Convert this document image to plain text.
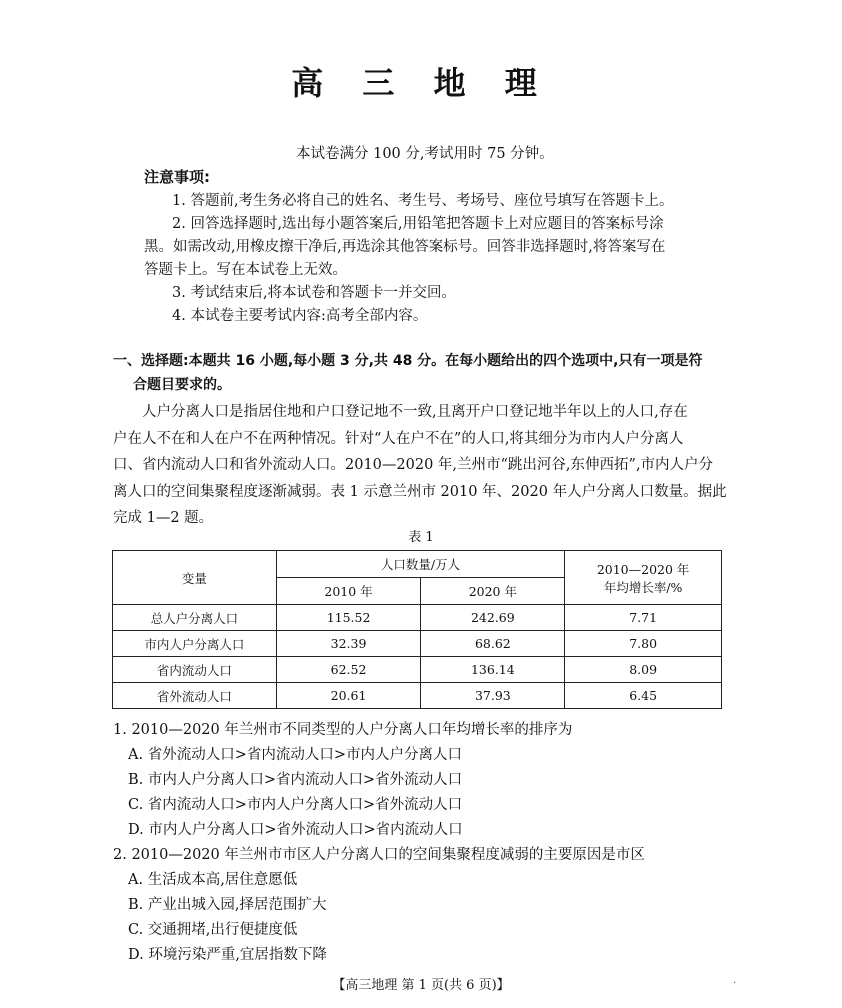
高 三 地 理
本试卷满分 100 分,考试用时 75 分钟。
注意事项:
1. 答题前,考生务必将自己的姓名、考生号、考场号、座位号填写在答题卡上。
2. 回答选择题时,选出每小题答案后,用铅笔把答题卡上对应题目的答案标号涂
黑。如需改动,用橡皮擦干净后,再选涂其他答案标号。回答非选择题时,将答案写在
答题卡上。写在本试卷上无效。
3. 考试结束后,将本试卷和答题卡一并交回。
4. 本试卷主要考试内容:高考全部内容。
一、选择题:本题共 16 小题,每小题 3 分,共 48 分。在每小题给出的四个选项中,只有一项是符
合题目要求的。

人户分离人口是指居住地和户口登记地不一致,且离开户口登记地半年以上的人口,存在

户在人不在和人在户不在两种情况。针对“人在户不在”的人口,将其细分为市内人户分离人

口、省内流动人口和省外流动人口。2010—2020 年,兰州市“跳出河谷,东伸西拓”,市内人户分

离人口的空间集聚程度逐渐减弱。表 1 示意兰州市 2010 年、2020 年人户分离人口数量。据此

完成 1—2 题。

表 1
变量	人口数量/万人		2010—2020 年
年均增长率/%

	2010 年	2020 年	
总人户分离人口	115.52	242.69	7.71
市内人户分离人口	32.39	68.62	7.80
省内流动人口	62.52	136.14	8.09
省外流动人口	20.61	37.93	6.45
1. 2010—2020 年兰州市不同类型的人户分离人口年均增长率的排序为
A. 省外流动人口>省内流动人口>市内人户分离人口
B. 市内人户分离人口>省内流动人口>省外流动人口
C. 省内流动人口>市内人户分离人口>省外流动人口
D. 市内人户分离人口>省外流动人口>省内流动人口
2. 2010—2020 年兰州市市区人户分离人口的空间集聚程度减弱的主要原因是市区
A. 生活成本高,居住意愿低
B. 产业出城入园,择居范围扩大
C. 交通拥堵,出行便捷度低
D. 环境污染严重,宜居指数下降
【高三地理 第 1 页(共 6 页)】	·
